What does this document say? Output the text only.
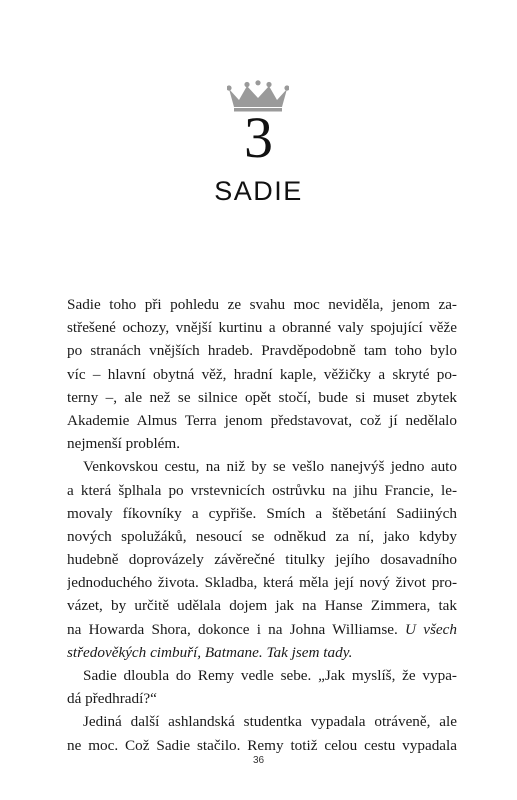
3
SADIE
Sadie toho při pohledu ze svahu moc neviděla, jenom za-
střešené ochozy, vnější kurtinu a obranné valy spojující věže
po stranách vnějších hradeb. Pravděpodobně tam toho bylo
víc – hlavní obytná věž, hradní kaple, věžičky a skryté po-
terny –, ale než se silnice opět stočí, bude si muset zbytek
Akademie Almus Terra jenom představovat, což jí nedělalo
nejmenší problém.
Venkovskou cestu, na niž by se vešlo nanejvýš jedno auto
a která šplhala po vrstevnicích ostrůvku na jihu Francie, le-
movaly fíkovníky a cypřiše. Smích a štěbetání Sadiiných
nových spolužáků, nesoucí se odněkud za ní, jako kdyby
hudebně doprovázely závěrečné titulky jejího dosavadního
jednoduchého života. Skladba, která měla její nový život pro-
vázet, by určitě udělala dojem jak na Hanse Zimmera, tak
na Howarda Shora, dokonce i na Johna Williamse. U všech
středověkých cimbuří, Batmane. Tak jsem tady.
Sadie dloubla do Remy vedle sebe. „Jak myslíš, že vypa-
dá předhradí?“
Jediná další ashlandská studentka vypadala otráveně, ale
ne moc. Což Sadie stačilo. Remy totiž celou cestu vypadala
36
